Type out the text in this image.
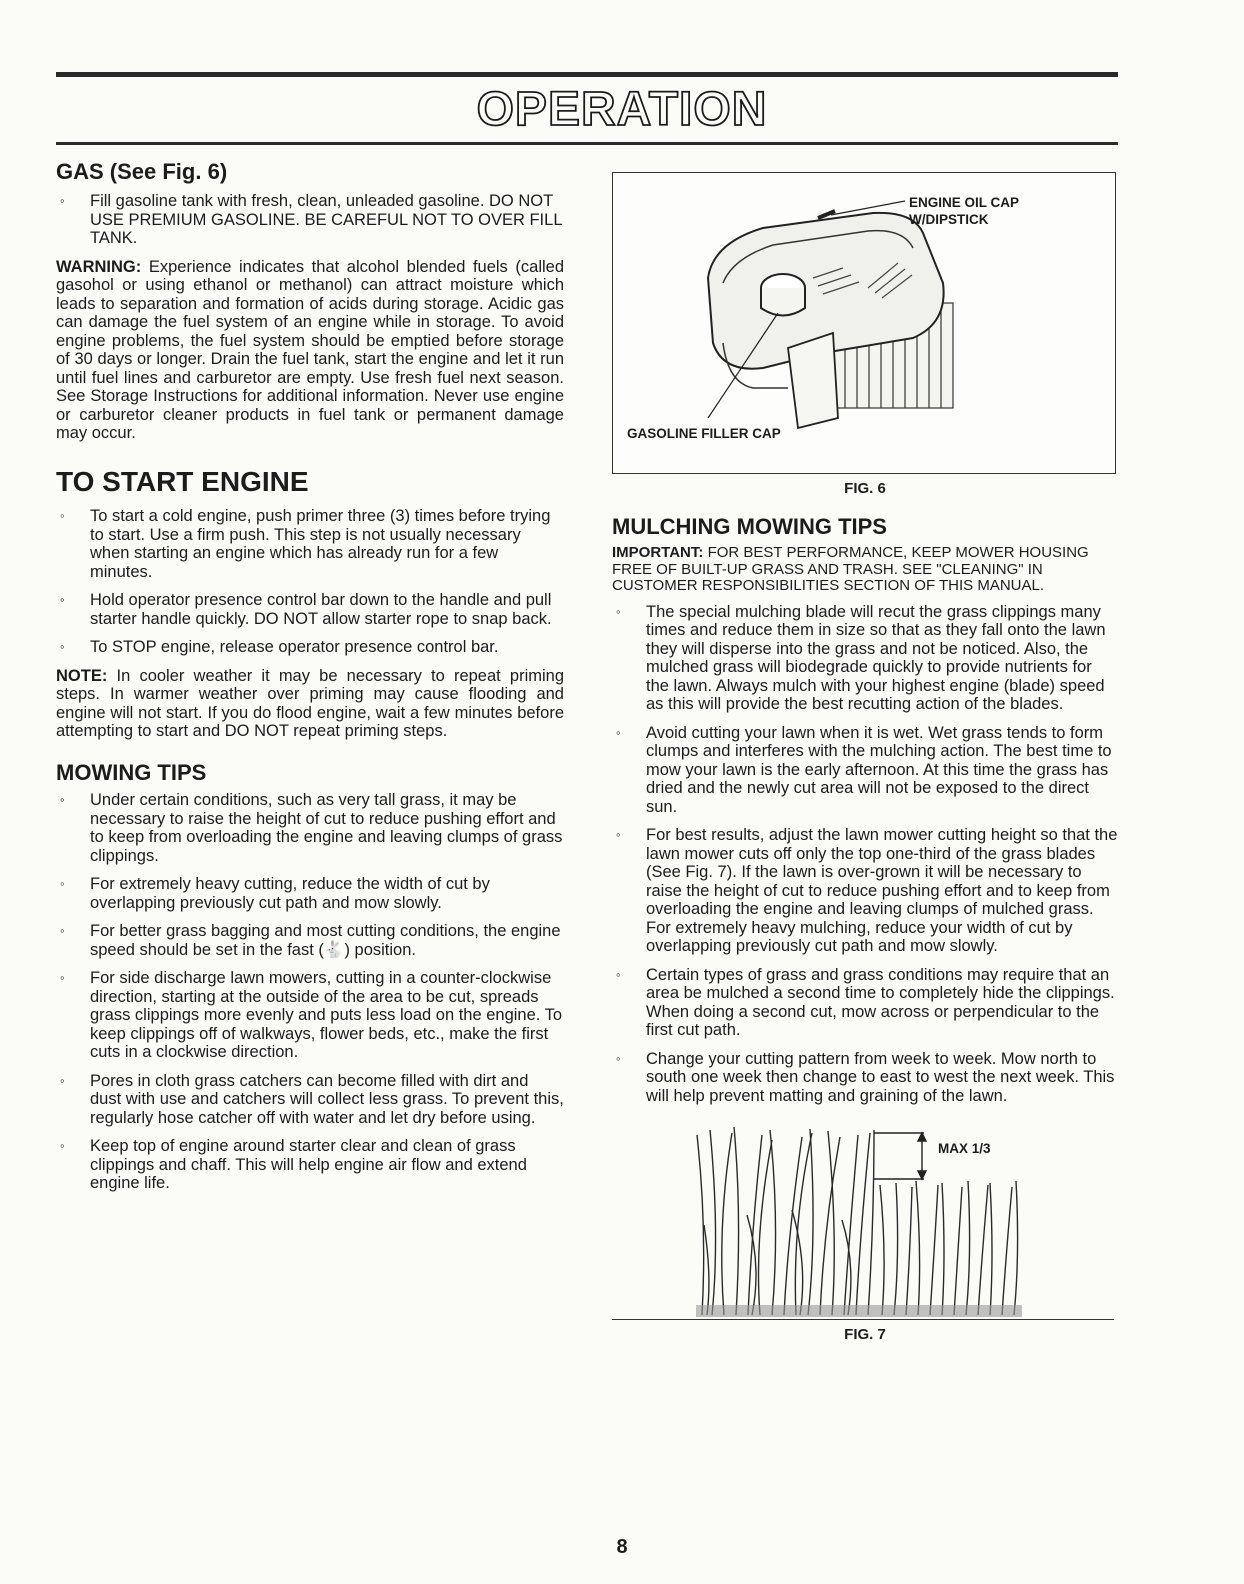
OPERATION
GAS (See Fig. 6)
◦ Fill gasoline tank with fresh, clean, unleaded gasoline. DO NOT USE PREMIUM GASOLINE. BE CAREFUL NOT TO OVER FILL TANK.

WARNING: Experience indicates that alcohol blended fuels (called gasohol or using ethanol or methanol) can attract moisture which leads to separation and formation of acids during storage. Acidic gas can damage the fuel system of an engine while in storage. To avoid engine problems, the fuel system should be emptied before storage of 30 days or longer. Drain the fuel tank, start the engine and let it run until fuel lines and carburetor are empty. Use fresh fuel next season. See Storage Instructions for additional information. Never use engine or carburetor cleaner products in fuel tank or permanent damage may occur.

TO START ENGINE
◦ To start a cold engine, push primer three (3) times before trying to start. Use a firm push. This step is not usually necessary when starting an engine which has already run for a few minutes.
◦ Hold operator presence control bar down to the handle and pull starter handle quickly. DO NOT allow starter rope to snap back.
◦ To STOP engine, release operator presence control bar.

NOTE: In cooler weather it may be necessary to repeat priming steps. In warmer weather over priming may cause flooding and engine will not start. If you do flood engine, wait a few minutes before attempting to start and DO NOT repeat priming steps.

MOWING TIPS
◦ Under certain conditions, such as very tall grass, it may be necessary to raise the height of cut to reduce pushing effort and to keep from overloading the engine and leaving clumps of grass clippings.
◦ For extremely heavy cutting, reduce the width of cut by overlapping previously cut path and mow slowly.
◦ For better grass bagging and most cutting conditions, the engine speed should be set in the fast (🐇) position.
◦ For side discharge lawn mowers, cutting in a counter-clockwise direction, starting at the outside of the area to be cut, spreads grass clippings more evenly and puts less load on the engine. To keep clippings off of walkways, flower beds, etc., make the first cuts in a clockwise direction.
◦ Pores in cloth grass catchers can become filled with dirt and dust with use and catchers will collect less grass. To prevent this, regularly hose catcher off with water and let dry before using.
◦ Keep top of engine around starter clear and clean of grass clippings and chaff. This will help engine air flow and extend engine life.
ENGINE OIL CAP
W/DIPSTICK
GASOLINE FILLER CAP
FIG. 6
MULCHING MOWING TIPS

IMPORTANT: FOR BEST PERFORMANCE, KEEP MOWER HOUSING FREE OF BUILT-UP GRASS AND TRASH. SEE "CLEANING" IN CUSTOMER RESPONSIBILITIES SECTION OF THIS MANUAL.

◦ The special mulching blade will recut the grass clippings many times and reduce them in size so that as they fall onto the lawn they will disperse into the grass and not be noticed. Also, the mulched grass will biodegrade quickly to provide nutrients for the lawn. Always mulch with your highest engine (blade) speed as this will provide the best recutting action of the blades.
◦ Avoid cutting your lawn when it is wet. Wet grass tends to form clumps and interferes with the mulching action. The best time to mow your lawn is the early afternoon. At this time the grass has dried and the newly cut area will not be exposed to the direct sun.
◦ For best results, adjust the lawn mower cutting height so that the lawn mower cuts off only the top one-third of the grass blades (See Fig. 7). If the lawn is over-grown it will be necessary to raise the height of cut to reduce pushing effort and to keep from overloading the engine and leaving clumps of mulched grass. For extremely heavy mulching, reduce your width of cut by overlapping previously cut path and mow slowly.
◦ Certain types of grass and grass conditions may require that an area be mulched a second time to completely hide the clippings. When doing a second cut, mow across or perpendicular to the first cut path.
◦ Change your cutting pattern from week to week. Mow north to south one week then change to east to west the next week. This will help prevent matting and graining of the lawn.
MAX 1/3
FIG. 7
8
